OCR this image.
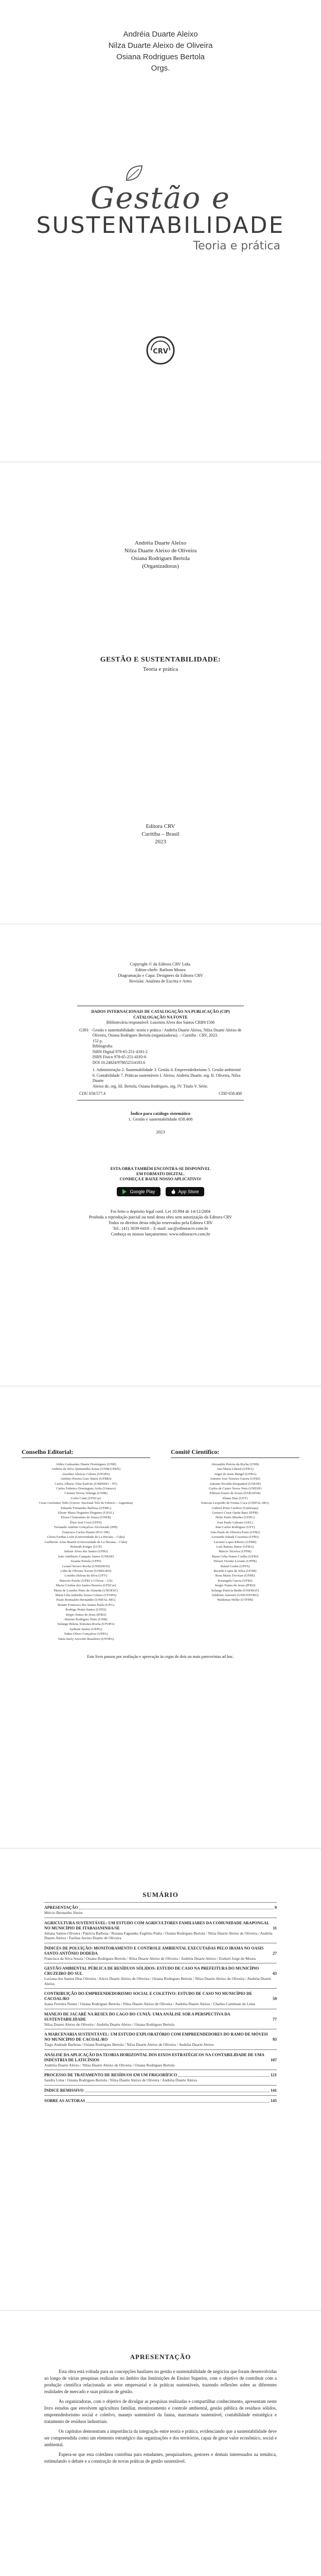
Andréia Duarte Aleixo
Nilza Duarte Aleixo de Oliveira
Osiana Rodrigues Bertola
Orgs.
Gestão e
SUSTENTABILIDADE
Teoria e prática
CRV
Andréia Duarte Aleixo
Nilza Duarte Aleixo de Oliveira
Osiana Rodrigues Bertola
(Organizadoras)
GESTÃO E SUSTENTABILIDADE:
Teoria e prática
Editora CRV
Curitiba – Brasil
2023
Copyright © da Editora CRV Ltda.
Editor-chefe: Railson Moura
Diagramação e Capa: Designers da Editora CRV
Revisão: Analista de Escrita e Artes
DADOS INTERNACIONAIS DE CATALOGAÇÃO NA PUBLICAÇÃO (CIP) CATALOGAÇÃO NA FONTE
Bibliotecária responsável: Luzenira Alves dos Santos CRB9/1506
G393 Gestão e sustentabilidade: teoria e prática / Andréia Duarte Aleixo, Nilza Duarte Aleixo de
Oliveira, Osiana Rodrigues Bertola (organizadoras). – Curitiba : CRV, 2023.
152 p.
Bibliografia
ISBN Digital 978-65-251-4181-2
ISBN Físico 978-65-251-4183-6
DOI 10.24824/978652514183.6
1. Administração 2. Sustentabilidade 3. Gestão 4. Empreendedorismo 5. Gestão ambiental
6. Contabilidade 7. Práticas sustentáveis I. Aleixo, Andréia Duarte, org. II. Oliveira, Nilza Duarte
Aleixo de, org. III. Bertola, Osiana Rodrigues, org. IV. Título V. Série.
CDU 658:577.4	CDD 658.408
Índice para catálogo sistemático
1. Gestão e sustentabilidade 658.408
2023
ESTA OBRA TAMBÉM ENCONTRA-SE DISPONÍVEL
EM FORMATO DIGITAL.
CONHEÇA E BAIXE NOSSO APLICATIVO!
Google Play	App Store
Foi feito o depósito legal conf. Lei 10.994 de 14/12/2004
Proibida a reprodução parcial ou total desta obra sem autorização da Editora CRV
Todos os direitos desta edição reservados pela Editora CRV
Tel.: (41) 3039-6418 – E-mail: sac@editoracrv.com.br
Conheça os nossos lançamentos: www.editoracrv.com.br
Conselho Editorial:
Aldira Guimarães Duarte Domínguez (UNB)
Andréia da Silva Quintanilha Sousa (UNIR/UFRN)
Anselmo Alencar Colares (UFOPA)
Antônio Pereira Gaio Júnior (UFRRJ)
Carlos Alberto Vilar Estêvão (UMINHO – PT)
Carlos Federico Dominguez Avila (Unieuro)
Carmen Tereza Velanga (UNIR)
Celso Conti (UFSCar)
Cesar Gerónimo Tello (Univer. Nacional Três de Febrero – Argentina)
Eduardo Fernandes Barbosa (UFMG)
Elione Maria Nogueira Diogenes (UFAL)
Elizeu Clementino de Souza (UNEB)
Élsio José Corá (UFFS)
Fernando Antônio Gonçalves Alcoforado (IPB)
Francisco Carlos Duarte (PUC-PR)
Gloria Fariñas León (Universidade de La Havana – Cuba)
Guillermo Arias Beatón (Universidade de La Havana – Cuba)
Helmuth Krüger (UCP)
Jailson Alves dos Santos (UFRJ)
João Adalberto Campato Junior (UNESP)
Josania Portela (UFPI)
Leonel Severo Rocha (UNISINOS)
Lídia de Oliveira Xavier (UNIEURO)
Lourdes Helena da Silva (UFV)
Marcelo Paixão (UFRJ e UTexas – US)
Maria Cristina dos Santos Bezerra (UFSCar)
Maria de Lourdes Pinto de Almeida (UNOESC)
Maria Lília Imbiriba Sousa Colares (UFOPA)
Paulo Romualdo Hernandes (UNIFAL-MG)
Renato Francisco dos Santos Paula (UFG)
Rodrigo Pratte-Santos (UFES)
Sérgio Nunes de Jesus (IFRO)
Simone Rodrigues Pinto (UNB)
Solange Helena Ximenes-Rocha (UFOPA)
Sydione Santos (UEPG)
Tadeu Oliver Gonçalves (UFPA)
Tania Suely Azevedo Brasileiro (UFOPA)
Comitê Científico:
Alexandre Pereira da Rocha (UNB)
Ana Maria Liberal (UFBA)
Angel de Jesus Rangel (UFBA)
Antonio Jose Teixeira Guerra (UFRJ)
Antonio Nivaldo Hespanhol (UNESP)
Carlos de Castro Neves Neto (UNESP)
Edilson Soares de Souza (FABAPAR)
Eliane Dias (UFT)
Estevan Leopoldo de Freitas Coca (UNIFAL-MG)
Gabriel Porta Cardoso (Unifesspa)
Gustavo Cesar Ojeda Baez (IFPR)
Helio Paulo Mendes (UEPG)
Ivan Paulo Galeano (UEL)
Jean Carlos Rodrigues (UFT)
João Paulo de Oliveira Porto (UFRJ)
Leonardo Sahadi Cossenza (UFRJ)
Luciano Lopes Ribeiro (UFRB)
Luiz Batista Júnior (UFBA)
Márcio Teixeira (UFPR)
Maria Celia Nunes Coelho (UFRJ)
Nelson Vicente Lovatto (UFPR)
Rafael Godoi (UFFS)
Ricardo Lopes da Silva (UFSB)
Rosa Maria Trevisan (UFPR)
Rosangela Garcia (UFRJ)
Sergio Nunes de Jesus (IFRO)
Solange Patrícia Bedin (UNEMAT)
Valdemir Antoneli (UNICENTRO)
Waldemar Heller (UTFPR)
Este livro passou por avaliação e aprovação às cegas de dois ou mais pareceristas ad hoc.
SUMÁRIO
APRESENTAÇÃO	9
Mércio Bernardes Júnior
AGRICULTURA SUSTENTÁVEL: UM ESTUDO COM AGRICULTORES FAMILIARES DA COMUNIDADE ARAPONGAL NO MUNICÍPIO DE ITABAIANINHA/SE	11
Juliana Santos Oliveira / Patrícia Barbosa / Rosana Fagundes Eugênio Pedra / Osiana Rodrigues Bertola / Nilza Duarte Aleixo de Oliveira / Andréia Duarte Aleixo / Fazlina Juvino Duarte de Oliveira
ÍNDICES DE POLUIÇÃO: MONITORAMENTO E CONTROLE AMBIENTAL EXECUTADAS PELO IBAMA NO OASIS SANTO ANTÔNIO DODEDA	27
Francisca da Silva Souza / Osiana Rodrigues Bertola / Nilza Duarte Aleixo de Oliveira / Andréia Duarte Aleixo / Ezekiel Jorge de Moura
GESTÃO AMBIENTAL PÚBLICA DE RESÍDUOS SÓLIDOS: ESTUDO DE CASO NA PREFEITURA DO MUNICÍPIO CRUZEIRO DO SUL	43
Luciana dos Santos Dias Oliveira / Alicio Duarte Aleixo de Oliveira / Osiana Rodrigues Bertola / Nilza Duarte Aleixo de Oliveira / Andréia Duarte Aleixo
CONTRIBUIÇÃO DO EMPREENDEDORISMO SOCIAL E COLETIVO: ESTUDO DE CASO NO MUNICÍPIO DE CACOAL/RO	59
Joana Ferreira Nunes / Osiana Rodrigues Bertola / Nilza Duarte Aleixo de Oliveira / Andréia Duarte Aleixo / Charles Carminati de Lima
MANEJO DE JACARÉ NA RESEX DO LAGO DO CUNIÃ: UMA ANÁLISE SOB A PERSPECTIVA DA SUSTENTABILIDADE	77
Nilza Duarte Aleixo de Oliveira / Andréia Duarte Aleixo / Osiana Rodrigues Bertola
A MARCENARIA SUSTENTÁVEL: UM ESTUDO EXPLORATÓRIO COM EMPREENDEDORES DO RAMO DE MÓVEIS NO MUNICÍPIO DE CACOAL/RO	93
Tiago Andrade Barbosa / Osiana Rodrigues Bertola / Nilza Duarte Aleixo de Oliveira / Andréia Duarte Aleixo
ANÁLISE DA APLICAÇÃO DA TEORIA HORIZONTAL DOS EIXOS ESTRATÉGICOS NA CONTABILIDADE DE UMA INDÚSTRIA DE LATICÍNIOS	107
Andréia Duarte Aleixo / Nilza Duarte Aleixo de Oliveira / Osiana Rodrigues Bertola
PROCESSO DE TRATAMENTO DE RESÍDUOS EM UM FRIGORÍFICO	121
Sandra Lima / Osiana Rodrigues Bertola / Nilza Duarte Aleixo de Oliveira / Andréia Duarte Aleixo
ÍNDICE REMISSIVO	141
SOBRE AS AUTORAS	145
APRESENTAÇÃO

Esta obra está voltada para as concepções basilares no gestão e sustentabilidade de negócios que foram desenvolvidas ao longo de várias pesquisas realizadas no âmbito das Instituições de Ensino Superior, com o objetivo de contribuir com a produção científica relacionada ao setor empresarial e às práticas sustentáveis, trazendo reflexões sobre as diferentes realidades de mercado e suas práticas de gestão.

As organizadoras, com o objetivo de divulgar as pesquisas realizadas e compartilhar conhecimento, apresentam neste livro estudos que envolvem agricultura familiar, monitoramento e controle ambiental, gestão pública de resíduos sólidos, empreendedorismo social e coletivo, manejo sustentável da fauna, marcenaria sustentável, contabilidade estratégica e tratamento de resíduos industriais.

Os capítulos demonstram a importância da integração entre teoria e prática, evidenciando que a sustentabilidade deve ser compreendida como um elemento estratégico das organizações e dos territórios, capaz de gerar valor econômico, social e ambiental.

Espera-se que esta coletânea contribua para estudantes, pesquisadores, gestores e demais interessados na temática, estimulando o debate e a construção de novas práticas de gestão sustentável.
